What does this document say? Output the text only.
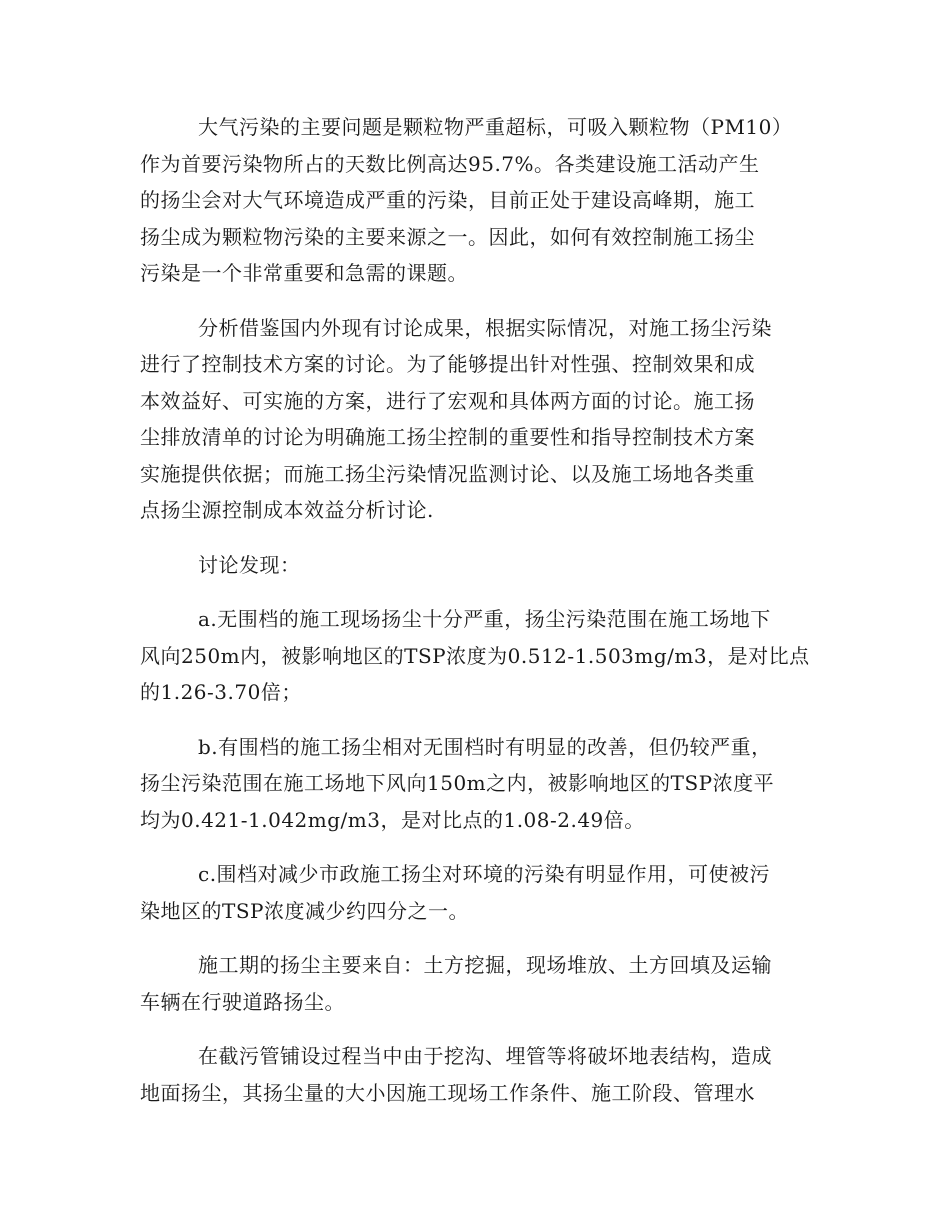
大气污染的主要问题是颗粒物严重超标，可吸入颗粒物（PM10）
作为首要污染物所占的天数比例高达95.7%。各类建设施工活动产生
的扬尘会对大气环境造成严重的污染，目前正处于建设高峰期，施工
扬尘成为颗粒物污染的主要来源之一。因此，如何有效控制施工扬尘
污染是一个非常重要和急需的课题。

分析借鉴国内外现有讨论成果，根据实际情况，对施工扬尘污染
进行了控制技术方案的讨论。为了能够提出针对性强、控制效果和成
本效益好、可实施的方案，进行了宏观和具体两方面的讨论。施工扬
尘排放清单的讨论为明确施工扬尘控制的重要性和指导控制技术方案
实施提供依据；而施工扬尘污染情况监测讨论、以及施工场地各类重
点扬尘源控制成本效益分析讨论.

讨论发现：

a.无围档的施工现场扬尘十分严重，扬尘污染范围在施工场地下
风向250m内，被影响地区的TSP浓度为0.512-1.503mg/m3，是对比点
的1.26-3.70倍；

b.有围档的施工扬尘相对无围档时有明显的改善，但仍较严重，
扬尘污染范围在施工场地下风向150m之内，被影响地区的TSP浓度平
均为0.421-1.042mg/m3，是对比点的1.08-2.49倍。

c.围档对减少市政施工扬尘对环境的污染有明显作用，可使被污
染地区的TSP浓度减少约四分之一。

施工期的扬尘主要来自：土方挖掘，现场堆放、土方回填及运输
车辆在行驶道路扬尘。

在截污管铺设过程当中由于挖沟、埋管等将破坏地表结构，造成
地面扬尘，其扬尘量的大小因施工现场工作条件、施工阶段、管理水
